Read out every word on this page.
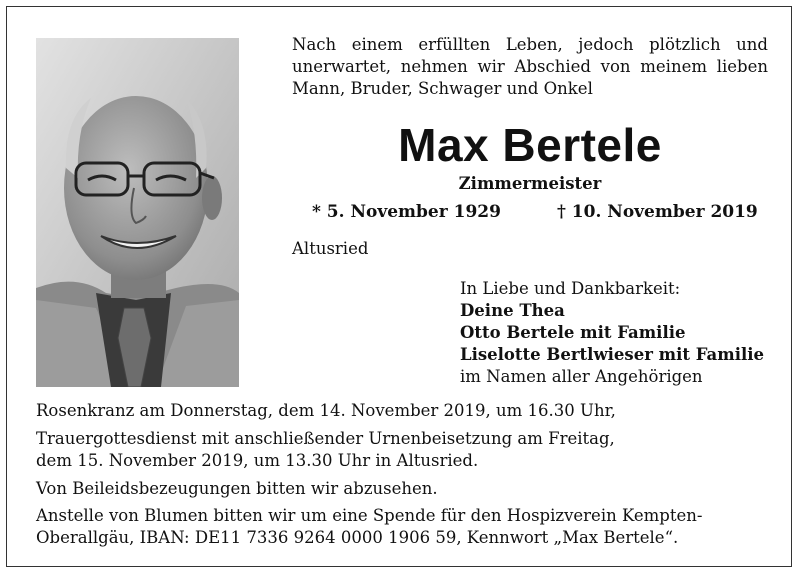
Nach einem erfüllten Leben, jedoch plötzlich und unerwartet, nehmen wir Abschied von meinem lieben Mann, Bruder, Schwager und Onkel
Max Bertele
Zimmermeister
* 5. November 1929	† 10. November 2019
Altusried
In Liebe und Dankbarkeit:
Deine Thea
Otto Bertele mit Familie
Liselotte Bertlwieser mit Familie
im Namen aller Angehörigen
Rosenkranz am Donnerstag, dem 14. November 2019, um 16.30 Uhr,
Trauergottesdienst mit anschließender Urnenbeisetzung am Freitag,
dem 15. November 2019, um 13.30 Uhr in Altusried.
Von Beileidsbezeugungen bitten wir abzusehen.
Anstelle von Blumen bitten wir um eine Spende für den Hospizverein Kempten-
Oberallgäu, IBAN: DE11 7336 9264 0000 1906 59, Kennwort „Max Bertele“.
